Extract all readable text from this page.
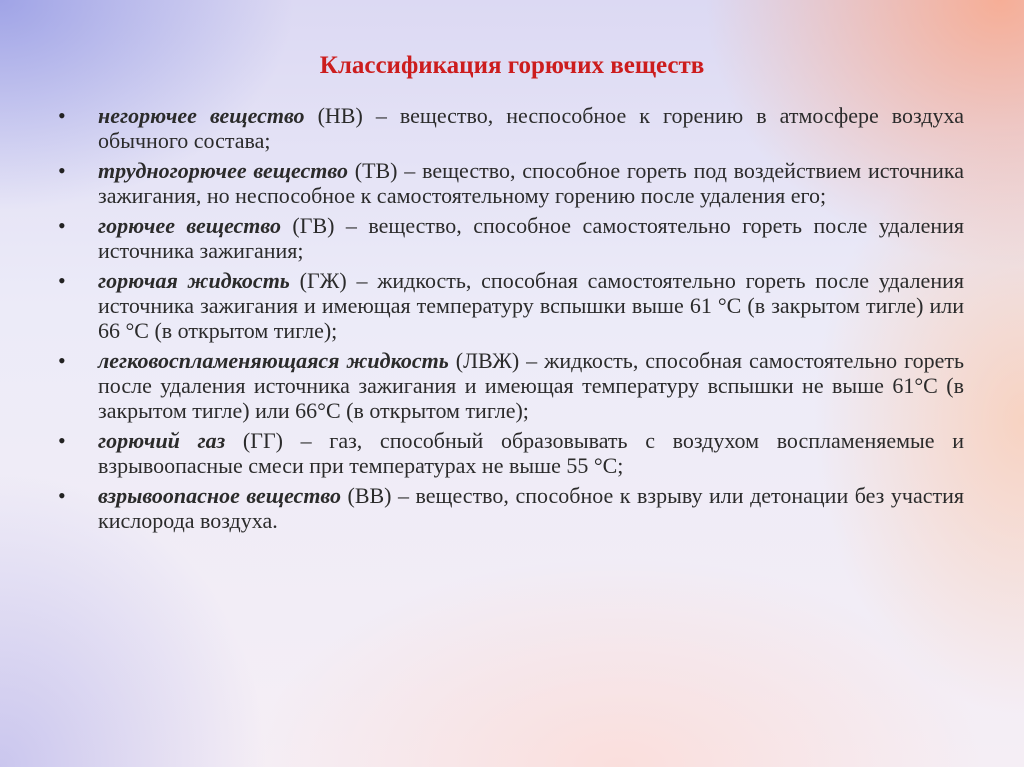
Классификация горючих веществ
• негорючее вещество (НВ) – вещество, неспособное к горению в атмосфере воздуха обычного состава;
• трудногорючее вещество (ТВ) – вещество, способное гореть под воздействием источника зажигания, но неспособное к самостоятельному горению после удаления его;
• горючее вещество (ГВ) – вещество, способное самостоятельно гореть после удаления источника зажигания;
• горючая жидкость (ГЖ) – жидкость, способная самостоятельно гореть после удаления источника зажигания и имеющая температуру вспышки выше 61 °С (в закрытом тигле) или 66 °С (в открытом тигле);
• легковоспламеняющаяся жидкость (ЛВЖ) – жидкость, способная самостоятельно гореть после удаления источника зажигания и имеющая температуру вспышки не выше 61°С (в закрытом тигле) или 66°С (в открытом тигле);
• горючий газ (ГГ) – газ, способный образовывать с воздухом воспламеняемые и взрывоопасные смеси при температурах не выше 55 °С;
• взрывоопасное вещество (ВВ) – вещество, способное к взрыву или детонации без участия кислорода воздуха.
